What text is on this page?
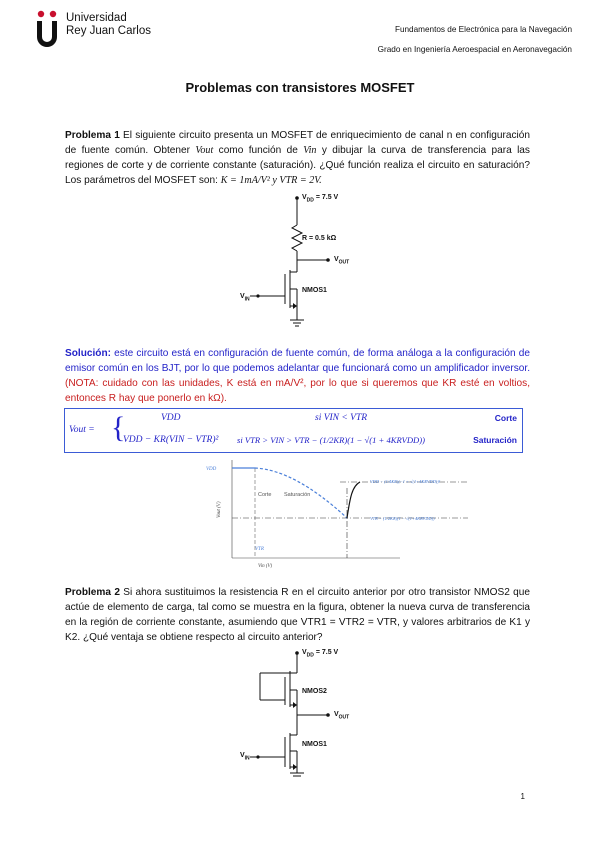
Universidad
Rey Juan Carlos	Fundamentos de Electrónica para la Navegación
Grado en Ingeniería Aeroespacial en Aeronavegación
Problemas con transistores MOSFET
Problema 1 El siguiente circuito presenta un MOSFET de enriquecimiento de canal n en configuración de fuente común. Obtener Vout como función de Vin y dibujar la curva de transferencia para las regiones de corte y de corriente constante (saturación). ¿Qué función realiza el circuito en saturación? Los parámetros del MOSFET son: K = 1mA/V² y VTR = 2V.
$V_{DD} = 7.5$ V
R = 0.5 kΩ
$V_{OUT}$
$V_{IN}$
NMOS1
Solución: este circuito está en configuración de fuente común, de forma análoga a la configuración de emisor común en los BJT, por lo que podemos adelantar que funcionará como un amplificador inversor. (NOTA: cuidado con las unidades, K está en mA/V², por lo que si queremos que KR esté en voltios, entonces R hay que ponerlo en kΩ).
Vout = {	VDD	si VIN < VTR	Corte
VDD − KR(VIN − VTR)² si VTR > VIN > VTR − (1/2KR)(1 − √(1 + 4KRVDD))	Saturación
VDD
Corte Saturación
VTR
Vin (V)
VDD − (1/4KR)(−1 + √(1+4KRVDD))²
VTR − (1/2KR)(1 − √(1+4KRVDD))
Vout (V)
Problema 2 Si ahora sustituimos la resistencia R en el circuito anterior por otro transistor NMOS2 que actúe de elemento de carga, tal como se muestra en la figura, obtener la nueva curva de transferencia en la región de corriente constante, asumiendo que VTR1 = VTR2 = VTR, y valores arbitrarios de K1 y K2. ¿Qué ventaja se obtiene respecto al circuito anterior?
$V_{DD} = 7.5$ V
NMOS2
$V_{OUT}$
NMOS1
$V_{IN}$
1
